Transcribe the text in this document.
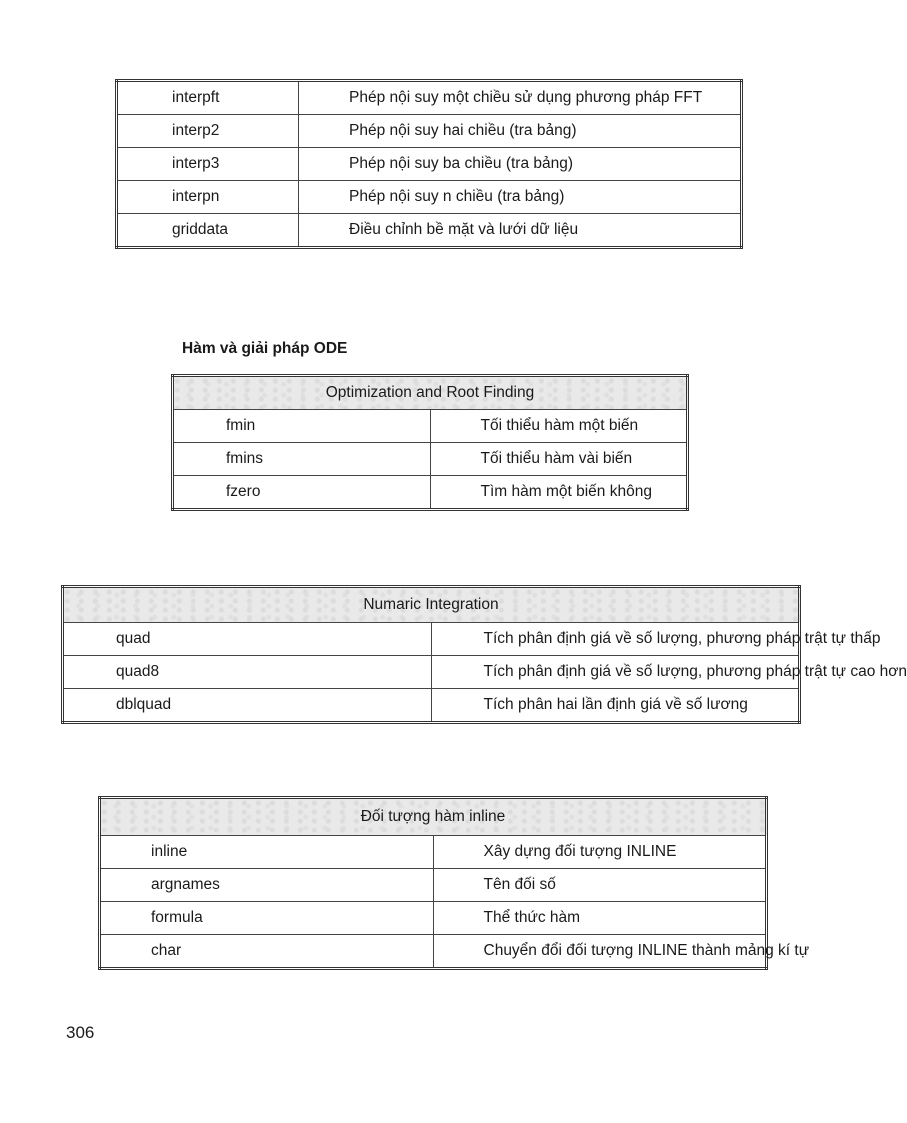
interpft	Phép nội suy một chiều sử dụng phương pháp FFT
interp2	Phép nội suy hai chiều (tra bảng)
interp3	Phép nội suy ba chiều (tra bảng)
interpn	Phép nội suy n chiều (tra bảng)
griddata	Điều chỉnh bề mặt và lưới dữ liệu
Hàm và giải pháp ODE
Optimization and Root Finding	
fmin	Tối thiểu hàm một biến
fmins	Tối thiểu hàm vài biến
fzero	Tìm hàm một biến không
Numaric Integration	
quad	Tích phân định giá về số lượng, phương pháp trật tự thấp
quad8	Tích phân định giá về số lượng, phương pháp trật tự cao hơn
dblquad	Tích phân hai lần định giá về số lương
Đối tượng hàm inline	
inline	Xây dựng đối tượng INLINE
argnames	Tên đối số
formula	Thể thức hàm
char	Chuyển đổi đối tượng INLINE thành mảng kí tự
306
